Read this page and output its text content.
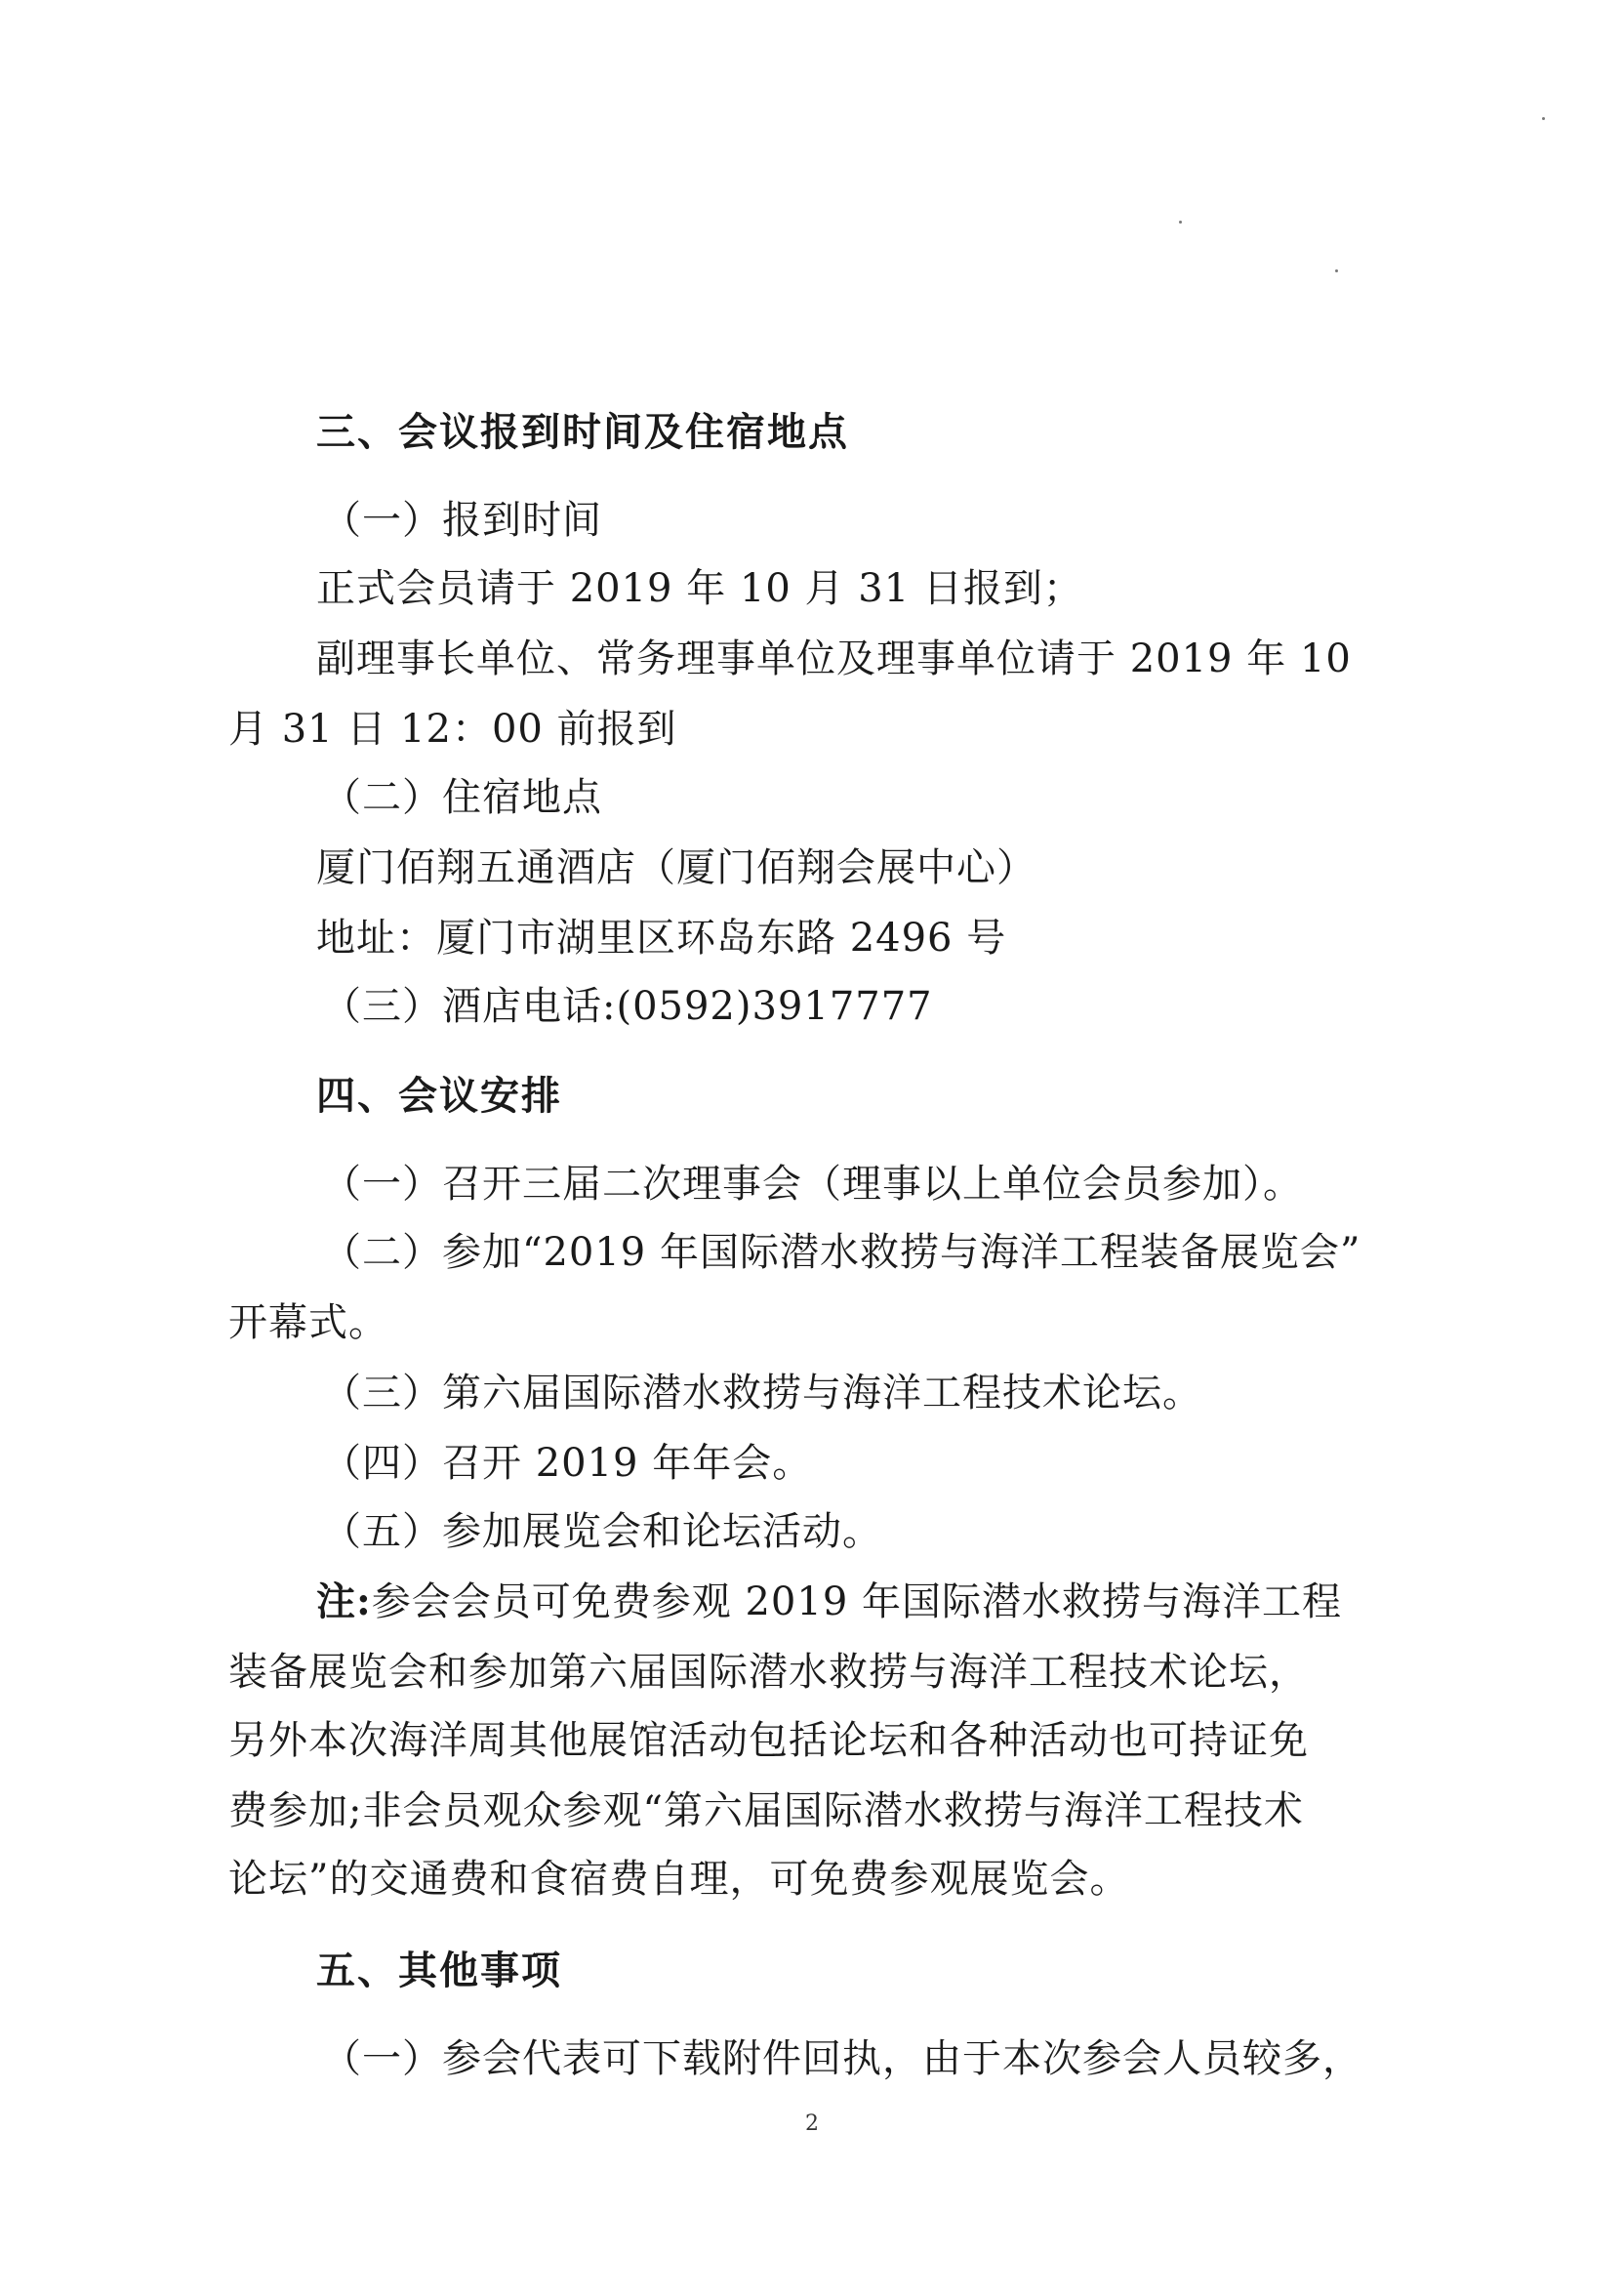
三、会议报到时间及住宿地点
（一）报到时间
正式会员请于 2019 年 10 月 31 日报到；
副理事长单位、常务理事单位及理事单位请于 2019 年 10
月 31 日 12：00 前报到
（二）住宿地点
厦门佰翔五通酒店（厦门佰翔会展中心）
地址：厦门市湖里区环岛东路 2496 号
（三）酒店电话:(0592)3917777
四、会议安排
（一）召开三届二次理事会（理事以上单位会员参加）。
（二）参加“2019 年国际潜水救捞与海洋工程装备展览会”
开幕式。
（三）第六届国际潜水救捞与海洋工程技术论坛。
（四）召开 2019 年年会。
（五）参加展览会和论坛活动。
注:参会会员可免费参观 2019 年国际潜水救捞与海洋工程
装备展览会和参加第六届国际潜水救捞与海洋工程技术论坛，
另外本次海洋周其他展馆活动包括论坛和各种活动也可持证免
费参加;非会员观众参观“第六届国际潜水救捞与海洋工程技术
论坛”的交通费和食宿费自理，可免费参观展览会。
五、其他事项
（一）参会代表可下载附件回执，由于本次参会人员较多，
2
